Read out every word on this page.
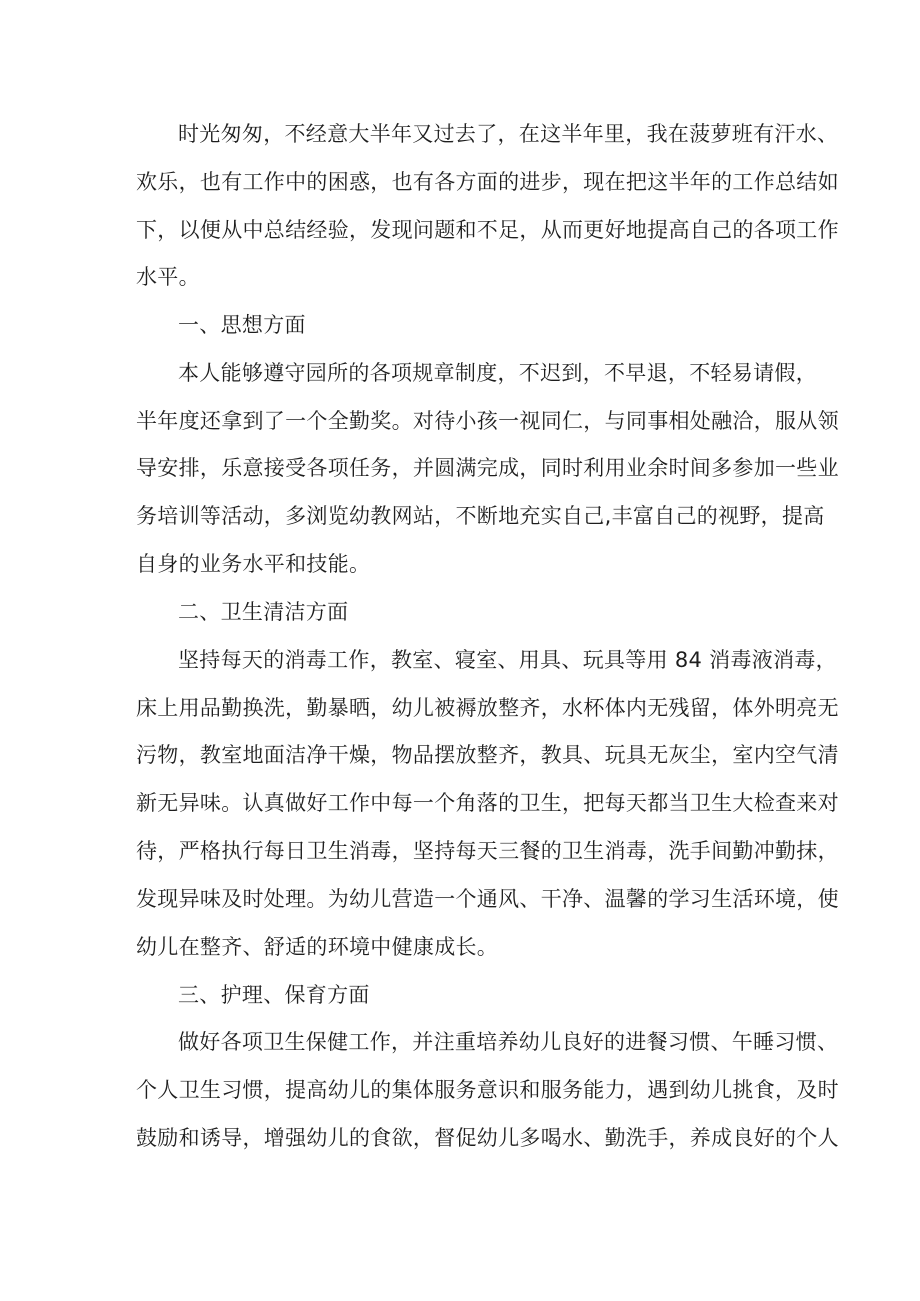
时光匆匆，不经意大半年又过去了，在这半年里，我在菠萝班有汗水、
欢乐，也有工作中的困惑，也有各方面的进步，现在把这半年的工作总结如
下，以便从中总结经验，发现问题和不足，从而更好地提高自己的各项工作
水平。
一、思想方面
本人能够遵守园所的各项规章制度，不迟到，不早退，不轻易请假，
半年度还拿到了一个全勤奖。对待小孩一视同仁，与同事相处融洽，服从领
导安排，乐意接受各项任务，并圆满完成，同时利用业余时间多参加一些业
务培训等活动，多浏览幼教网站，不断地充实自己,丰富自己的视野，提高
自身的业务水平和技能。
二、卫生清洁方面
坚持每天的消毒工作，教室、寝室、用具、玩具等用 84 消毒液消毒，
床上用品勤换洗，勤暴晒，幼儿被褥放整齐，水杯体内无残留，体外明亮无
污物，教室地面洁净干燥，物品摆放整齐，教具、玩具无灰尘，室内空气清
新无异味。认真做好工作中每一个角落的卫生，把每天都当卫生大检查来对
待，严格执行每日卫生消毒，坚持每天三餐的卫生消毒，洗手间勤冲勤抹，
发现异味及时处理。为幼儿营造一个通风、干净、温馨的学习生活环境，使
幼儿在整齐、舒适的环境中健康成长。
三、护理、保育方面
做好各项卫生保健工作，并注重培养幼儿良好的进餐习惯、午睡习惯、
个人卫生习惯，提高幼儿的集体服务意识和服务能力，遇到幼儿挑食，及时
鼓励和诱导，增强幼儿的食欲，督促幼儿多喝水、勤洗手，养成良好的个人
